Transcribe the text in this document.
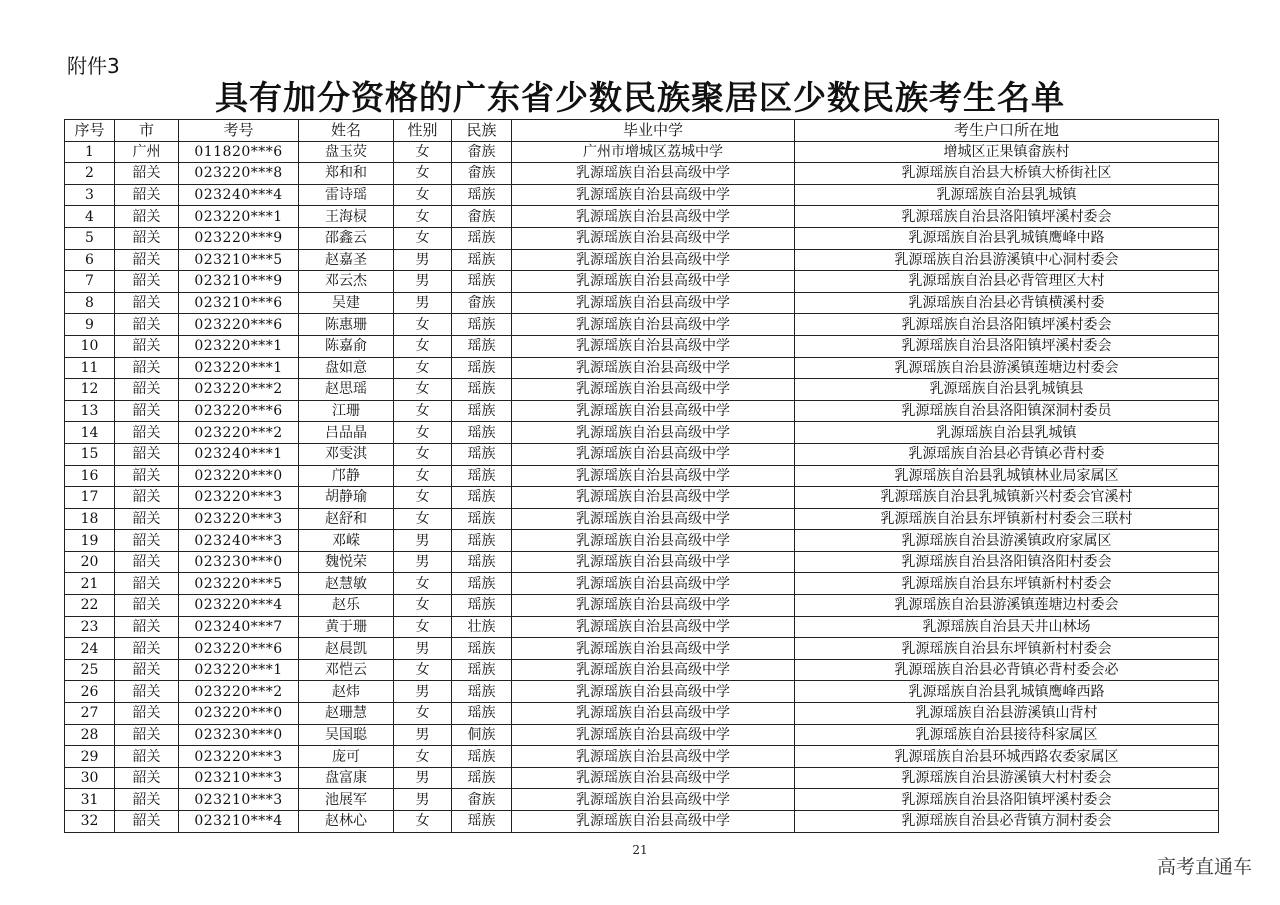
附件3
具有加分资格的广东省少数民族聚居区少数民族考生名单
序号	市	考号	姓名	性别	民族	毕业中学	考生户口所在地
1	广州	011820***6	盘玉荧	女	畲族	广州市增城区荔城中学	增城区正果镇畲族村
2	韶关	023220***8	郑和和	女	畲族	乳源瑶族自治县高级中学	乳源瑶族自治县大桥镇大桥街社区
3	韶关	023240***4	雷诗瑶	女	瑶族	乳源瑶族自治县高级中学	乳源瑶族自治县乳城镇
4	韶关	023220***1	王海棂	女	畲族	乳源瑶族自治县高级中学	乳源瑶族自治县洛阳镇坪溪村委会
5	韶关	023220***9	邵鑫云	女	瑶族	乳源瑶族自治县高级中学	乳源瑶族自治县乳城镇鹰峰中路
6	韶关	023210***5	赵嘉圣	男	瑶族	乳源瑶族自治县高级中学	乳源瑶族自治县游溪镇中心洞村委会
7	韶关	023210***9	邓云杰	男	瑶族	乳源瑶族自治县高级中学	乳源瑶族自治县必背管理区大村
8	韶关	023210***6	吴建	男	畲族	乳源瑶族自治县高级中学	乳源瑶族自治县必背镇横溪村委
9	韶关	023220***6	陈惠珊	女	瑶族	乳源瑶族自治县高级中学	乳源瑶族自治县洛阳镇坪溪村委会
10	韶关	023220***1	陈嘉俞	女	瑶族	乳源瑶族自治县高级中学	乳源瑶族自治县洛阳镇坪溪村委会
11	韶关	023220***1	盘如意	女	瑶族	乳源瑶族自治县高级中学	乳源瑶族自治县游溪镇莲塘边村委会
12	韶关	023220***2	赵思瑶	女	瑶族	乳源瑶族自治县高级中学	乳源瑶族自治县乳城镇县
13	韶关	023220***6	江珊	女	瑶族	乳源瑶族自治县高级中学	乳源瑶族自治县洛阳镇深洞村委员
14	韶关	023220***2	吕品晶	女	瑶族	乳源瑶族自治县高级中学	乳源瑶族自治县乳城镇
15	韶关	023240***1	邓雯淇	女	瑶族	乳源瑶族自治县高级中学	乳源瑶族自治县必背镇必背村委
16	韶关	023220***0	邝静	女	瑶族	乳源瑶族自治县高级中学	乳源瑶族自治县乳城镇林业局家属区
17	韶关	023220***3	胡静瑜	女	瑶族	乳源瑶族自治县高级中学	乳源瑶族自治县乳城镇新兴村委会官溪村
18	韶关	023220***3	赵舒和	女	瑶族	乳源瑶族自治县高级中学	乳源瑶族自治县东坪镇新村村委会三联村
19	韶关	023240***3	邓嵘	男	瑶族	乳源瑶族自治县高级中学	乳源瑶族自治县游溪镇政府家属区
20	韶关	023230***0	魏悦荣	男	瑶族	乳源瑶族自治县高级中学	乳源瑶族自治县洛阳镇洛阳村委会
21	韶关	023220***5	赵慧敏	女	瑶族	乳源瑶族自治县高级中学	乳源瑶族自治县东坪镇新村村委会
22	韶关	023220***4	赵乐	女	瑶族	乳源瑶族自治县高级中学	乳源瑶族自治县游溪镇莲塘边村委会
23	韶关	023240***7	黄于珊	女	壮族	乳源瑶族自治县高级中学	乳源瑶族自治县天井山林场
24	韶关	023220***6	赵晨凯	男	瑶族	乳源瑶族自治县高级中学	乳源瑶族自治县东坪镇新村村委会
25	韶关	023220***1	邓恺云	女	瑶族	乳源瑶族自治县高级中学	乳源瑶族自治县必背镇必背村委会必
26	韶关	023220***2	赵炜	男	瑶族	乳源瑶族自治县高级中学	乳源瑶族自治县乳城镇鹰峰西路
27	韶关	023220***0	赵珊慧	女	瑶族	乳源瑶族自治县高级中学	乳源瑶族自治县游溪镇山背村
28	韶关	023230***0	吴国聪	男	侗族	乳源瑶族自治县高级中学	乳源瑶族自治县接待科家属区
29	韶关	023220***3	庞可	女	瑶族	乳源瑶族自治县高级中学	乳源瑶族自治县环城西路农委家属区
30	韶关	023210***3	盘富康	男	瑶族	乳源瑶族自治县高级中学	乳源瑶族自治县游溪镇大村村委会
31	韶关	023210***3	池展军	男	畲族	乳源瑶族自治县高级中学	乳源瑶族自治县洛阳镇坪溪村委会
32	韶关	023210***4	赵林心	女	瑶族	乳源瑶族自治县高级中学	乳源瑶族自治县必背镇方洞村委会
21
高考直通车
